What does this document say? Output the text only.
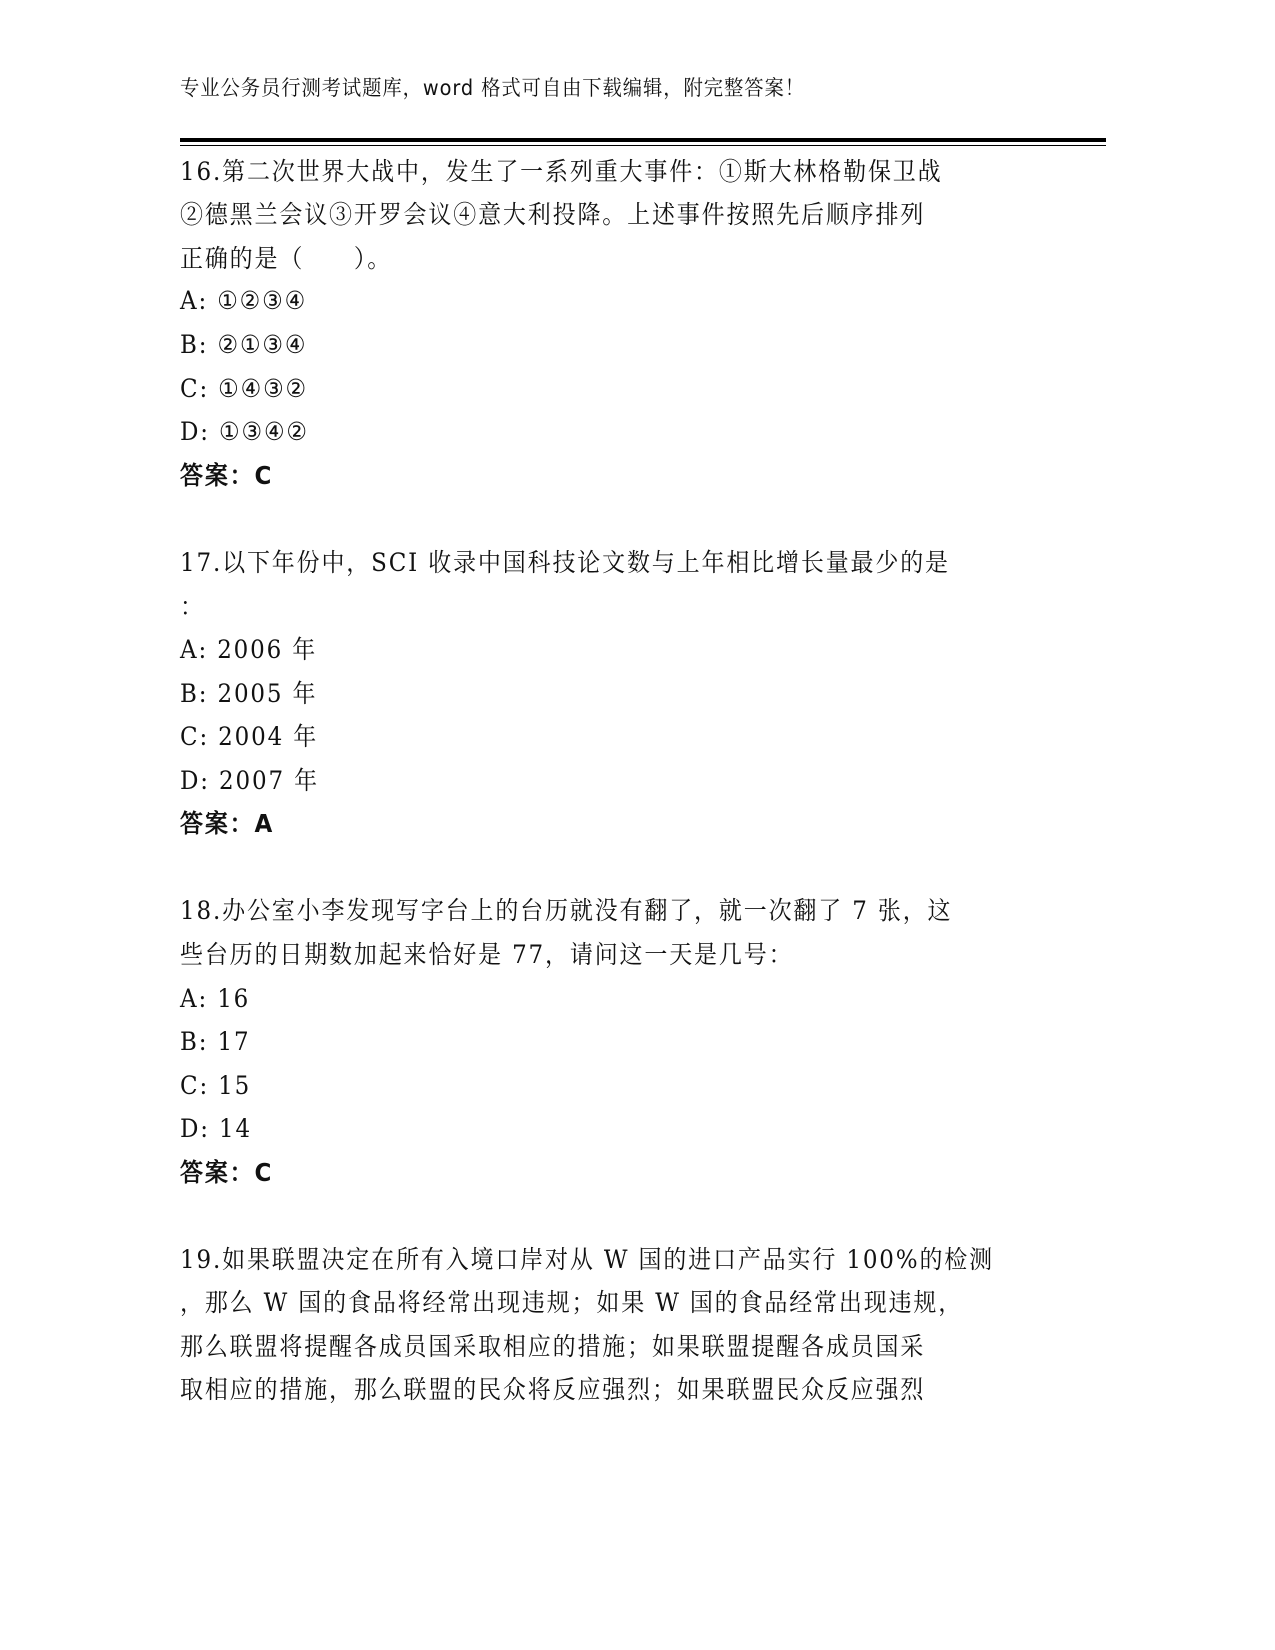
专业公务员行测考试题库，word 格式可自由下载编辑，附完整答案！
16.第二次世界大战中，发生了一系列重大事件：①斯大林格勒保卫战
②德黑兰会议③开罗会议④意大利投降。上述事件按照先后顺序排列
正确的是（　　）。
A: ①②③④
B: ②①③④
C: ①④③②
D: ①③④②
答案：C
17.以下年份中，SCI 收录中国科技论文数与上年相比增长量最少的是
：
A: 2006 年
B: 2005 年
C: 2004 年
D: 2007 年
答案：A
18.办公室小李发现写字台上的台历就没有翻了，就一次翻了 7 张，这
些台历的日期数加起来恰好是 77，请问这一天是几号：
A: 16
B: 17
C: 15
D: 14
答案：C
19.如果联盟决定在所有入境口岸对从 W 国的进口产品实行 100%的检测
，那么 W 国的食品将经常出现违规；如果 W 国的食品经常出现违规，
那么联盟将提醒各成员国采取相应的措施；如果联盟提醒各成员国采
取相应的措施，那么联盟的民众将反应强烈；如果联盟民众反应强烈
